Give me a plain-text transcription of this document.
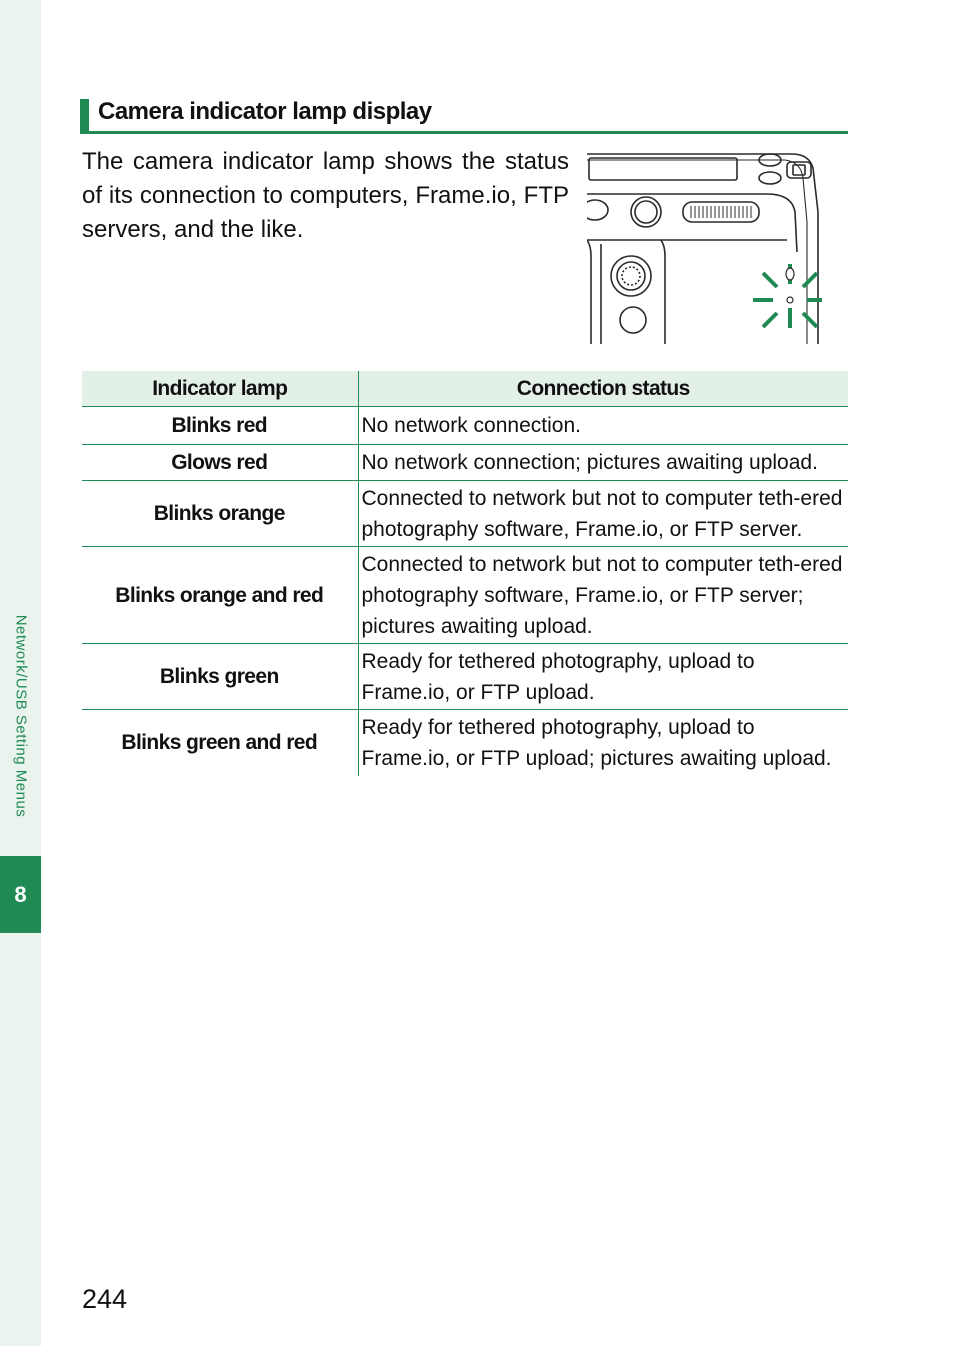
Network/USB Setting Menus
8
Camera indicator lamp display

The camera indicator lamp shows the status of its connection to computers, Frame.io, FTP servers, and the like.

Indicator lamp	Connection status
Blinks red	No network connection.
Glows red	No network connection; pictures awaiting upload.
Blinks orange	Connected to network but not to computer teth-ered photography software, Frame.io, or FTP server.
Blinks orange and red	Connected to network but not to computer teth-ered photography software, Frame.io, or FTP server; pictures awaiting upload.
Blinks green	Ready for tethered photography, upload to Frame.io, or FTP upload.
Blinks green and red	Ready for tethered photography, upload to Frame.io, or FTP upload; pictures awaiting upload.
244
